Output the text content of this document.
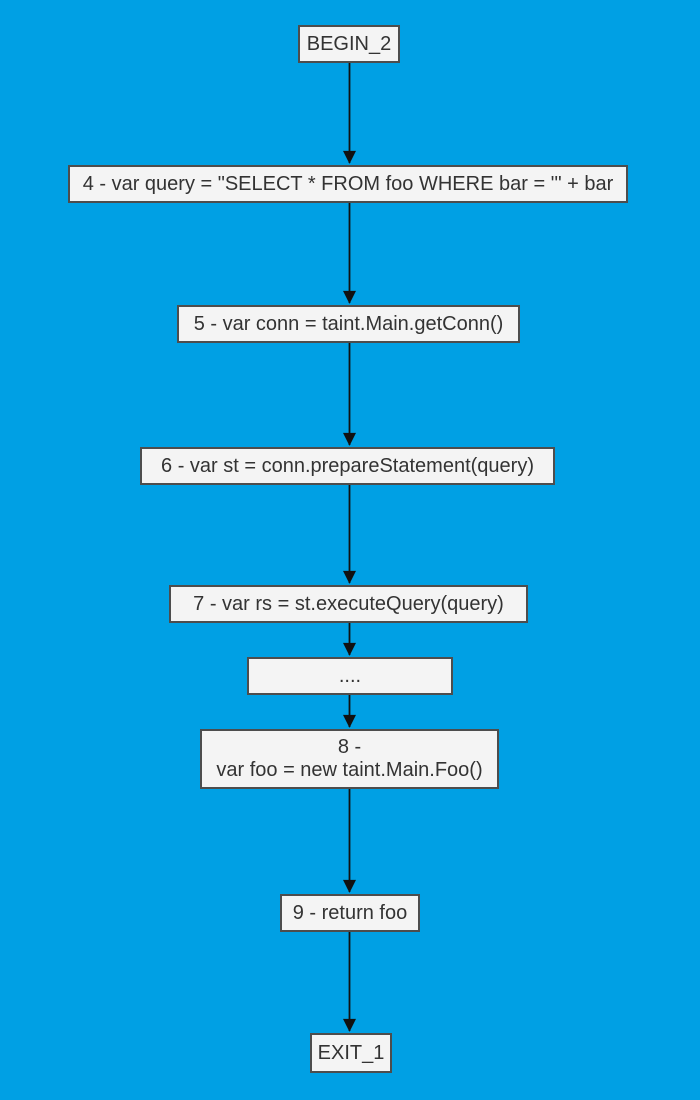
BEGIN_2
4 - var query = "SELECT * FROM foo WHERE bar = '" + bar
5 - var conn = taint.Main.getConn()
6 - var st = conn.prepareStatement(query)
7 - var rs = st.executeQuery(query)
....
8 -
var foo = new taint.Main.Foo()
9 - return foo
EXIT_1
